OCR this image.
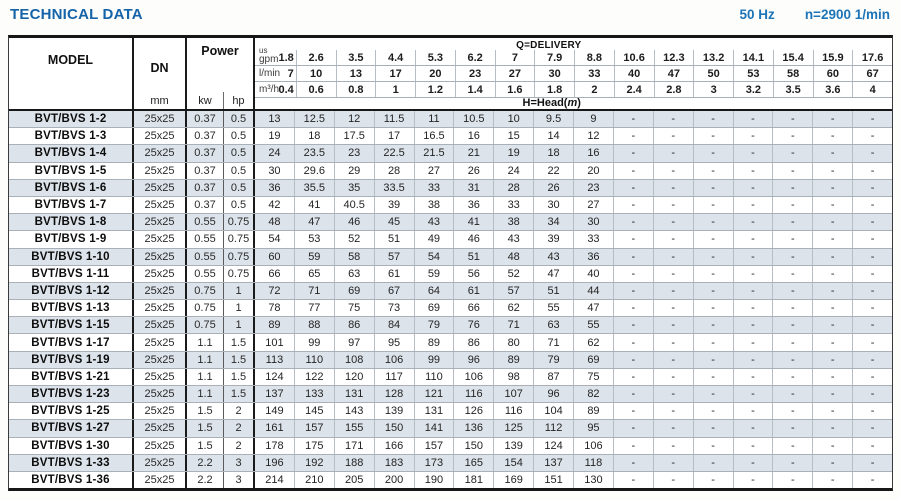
TECHNICAL DATA	50 Hz n=2900 1/min
MODEL
DN
mm
Power
kw	hp
Q=DELIVERY
us
gpm 1.8	2.6	3.5	4.4	5.3	6.2	7	7.9	8.8	10.6	12.3	13.2	14.1	15.4	15.9	17.6
l/min 7	10	13	17	20	23	27	30	33	40	47	50	53	58	60	67
m³/h 0.4	0.6	0.8	1	1.2	1.4	1.6	1.8	2	2.4	2.8	3	3.2	3.5	3.6	4
H=Head(m)
BVT/BVS 1-2	25x25	0.37	0.5	13	12.5	12	11.5	11	10.5	10	9.5	9	-	-	-	-	-	-	-
BVT/BVS 1-3	25x25	0.37	0.5	19	18	17.5	17	16.5	16	15	14	12	-	-	-	-	-	-	-
BVT/BVS 1-4	25x25	0.37	0.5	24	23.5	23	22.5	21.5	21	19	18	16	-	-	-	-	-	-	-
BVT/BVS 1-5	25x25	0.37	0.5	30	29.6	29	28	27	26	24	22	20	-	-	-	-	-	-	-
BVT/BVS 1-6	25x25	0.37	0.5	36	35.5	35	33.5	33	31	28	26	23	-	-	-	-	-	-	-
BVT/BVS 1-7	25x25	0.37	0.5	42	41	40.5	39	38	36	33	30	27	-	-	-	-	-	-	-
BVT/BVS 1-8	25x25	0.55	0.75	48	47	46	45	43	41	38	34	30	-	-	-	-	-	-	-
BVT/BVS 1-9	25x25	0.55	0.75	54	53	52	51	49	46	43	39	33	-	-	-	-	-	-	-
BVT/BVS 1-10	25x25	0.55	0.75	60	59	58	57	54	51	48	43	36	-	-	-	-	-	-	-
BVT/BVS 1-11	25x25	0.55	0.75	66	65	63	61	59	56	52	47	40	-	-	-	-	-	-	-
BVT/BVS 1-12	25x25	0.75	1	72	71	69	67	64	61	57	51	44	-	-	-	-	-	-	-
BVT/BVS 1-13	25x25	0.75	1	78	77	75	73	69	66	62	55	47	-	-	-	-	-	-	-
BVT/BVS 1-15	25x25	0.75	1	89	88	86	84	79	76	71	63	55	-	-	-	-	-	-	-
BVT/BVS 1-17	25x25	1.1	1.5	101	99	97	95	89	86	80	71	62	-	-	-	-	-	-	-
BVT/BVS 1-19	25x25	1.1	1.5	113	110	108	106	99	96	89	79	69	-	-	-	-	-	-	-
BVT/BVS 1-21	25x25	1.1	1.5	124	122	120	117	110	106	98	87	75	-	-	-	-	-	-	-
BVT/BVS 1-23	25x25	1.1	1.5	137	133	131	128	121	116	107	96	82	-	-	-	-	-	-	-
BVT/BVS 1-25	25x25	1.5	2	149	145	143	139	131	126	116	104	89	-	-	-	-	-	-	-
BVT/BVS 1-27	25x25	1.5	2	161	157	155	150	141	136	125	112	95	-	-	-	-	-	-	-
BVT/BVS 1-30	25x25	1.5	2	178	175	171	166	157	150	139	124	106	-	-	-	-	-	-	-
BVT/BVS 1-33	25x25	2.2	3	196	192	188	183	173	165	154	137	118	-	-	-	-	-	-	-
BVT/BVS 1-36	25x25	2.2	3	214	210	205	200	190	181	169	151	130	-	-	-	-	-	-	-
